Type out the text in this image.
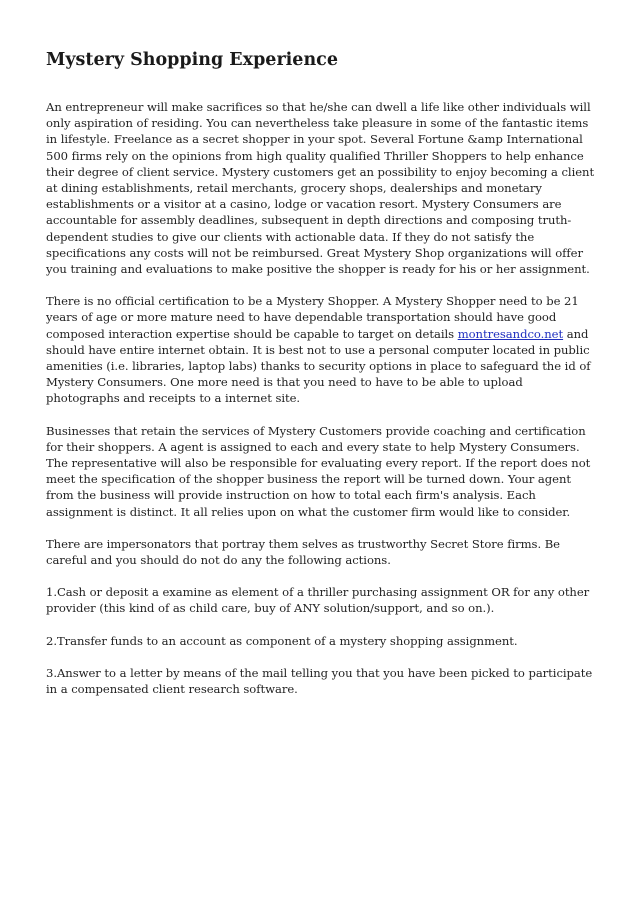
Mystery Shopping Experience

An entrepreneur will make sacrifices so that he/she can dwell a life like other individuals will only aspiration of residing. You can nevertheless take pleasure in some of the fantastic items in lifestyle. Freelance as a secret shopper in your spot. Several Fortune &amp International 500 firms rely on the opinions from high quality qualified Thriller Shoppers to help enhance their degree of client service. Mystery customers get an possibility to enjoy becoming a client at dining establishments, retail merchants, grocery shops, dealerships and monetary establishments or a visitor at a casino, lodge or vacation resort. Mystery Consumers are accountable for assembly deadlines, subsequent in depth directions and composing truth-dependent studies to give our clients with actionable data. If they do not satisfy the specifications any costs will not be reimbursed. Great Mystery Shop organizations will offer you training and evaluations to make positive the shopper is ready for his or her assignment.

There is no official certification to be a Mystery Shopper. A Mystery Shopper need to be 21 years of age or more mature need to have dependable transportation should have good composed interaction expertise should be capable to target on details montresandco.net and should have entire internet obtain. It is best not to use a personal computer located in public amenities (i.e. libraries, laptop labs) thanks to security options in place to safeguard the id of Mystery Consumers. One more need is that you need to have to be able to upload photographs and receipts to a internet site.

Businesses that retain the services of Mystery Customers provide coaching and certification for their shoppers. A agent is assigned to each and every state to help Mystery Consumers. The representative will also be responsible for evaluating every report. If the report does not meet the specification of the shopper business the report will be turned down. Your agent from the business will provide instruction on how to total each firm's analysis. Each assignment is distinct. It all relies upon on what the customer firm would like to consider.

There are impersonators that portray them selves as trustworthy Secret Store firms. Be careful and you should do not do any the following actions.

1.Cash or deposit a examine as element of a thriller purchasing assignment OR for any other provider (this kind of as child care, buy of ANY solution/support, and so on.).

2.Transfer funds to an account as component of a mystery shopping assignment.

3.Answer to a letter by means of the mail telling you that you have been picked to participate in a compensated client research software.
